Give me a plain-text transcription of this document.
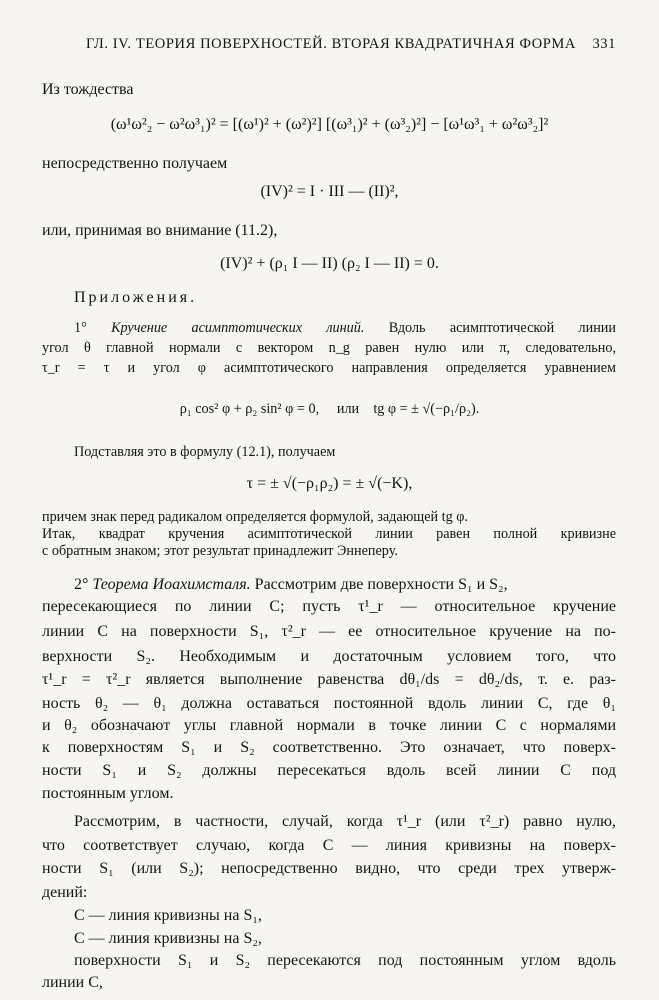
ГЛ. IV. ТЕОРИЯ ПОВЕРХНОСТЕЙ. ВТОРАЯ КВАДРАТИЧНАЯ ФОРМА 331
Из тождества
(ω¹ω²₂ − ω²ω³₁)² = [(ω¹)² + (ω²)²] [(ω³₁)² + (ω³₂)²] − [ω¹ω³₁ + ω²ω³₂]²
непосредственно получаем
(IV)² = I · III — (II)²,
или, принимая во внимание (11.2),
(IV)² + (ρ₁ I — II) (ρ₂ I — II) = 0.
Приложения.
1° Кручение асимптотических линий. Вдоль асимптотической линии
угол θ главной нормали с вектором n_g равен нулю или π, следовательно,
τ_r = τ и угол φ асимптотического направления определяется уравнением
ρ₁ cos² φ + ρ₂ sin² φ = 0, или tg φ = ± √(−ρ₁/ρ₂).
Подставляя это в формулу (12.1), получаем
τ = ± √(−ρ₁ρ₂) = ± √(−K),
причем знак перед радикалом определяется формулой, задающей tg φ.
Итак, квадрат кручения асимптотической линии равен полной кривизне
с обратным знаком; этот результат принадлежит Эннеперу.
2° Теорема Иоахимсталя. Рассмотрим две поверхности S₁ и S₂,
пересекающиеся по линии C; пусть τ¹_r — относительное кручение
линии C на поверхности S₁, τ²_r — ее относительное кручение на по-
верхности S₂. Необходимым и достаточным условием того, что
τ¹_r = τ²_r является выполнение равенства dθ₁/ds = dθ₂/ds, т. е. раз-
ность θ₂ — θ₁ должна оставаться постоянной вдоль линии C, где θ₁
и θ₂ обозначают углы главной нормали в точке линии C с нормалями
к поверхностям S₁ и S₂ соответственно. Это означает, что поверх-
ности S₁ и S₂ должны пересекаться вдоль всей линии C под
постоянным углом.
Рассмотрим, в частности, случай, когда τ¹_r (или τ²_r) равно нулю,
что соответствует случаю, когда C — линия кривизны на поверх-
ности S₁ (или S₂); непосредственно видно, что среди трех утверж-
дений:
C — линия кривизны на S₁,
C — линия кривизны на S₂,
поверхности S₁ и S₂ пересекаются под постоянным углом вдоль
линии C,
